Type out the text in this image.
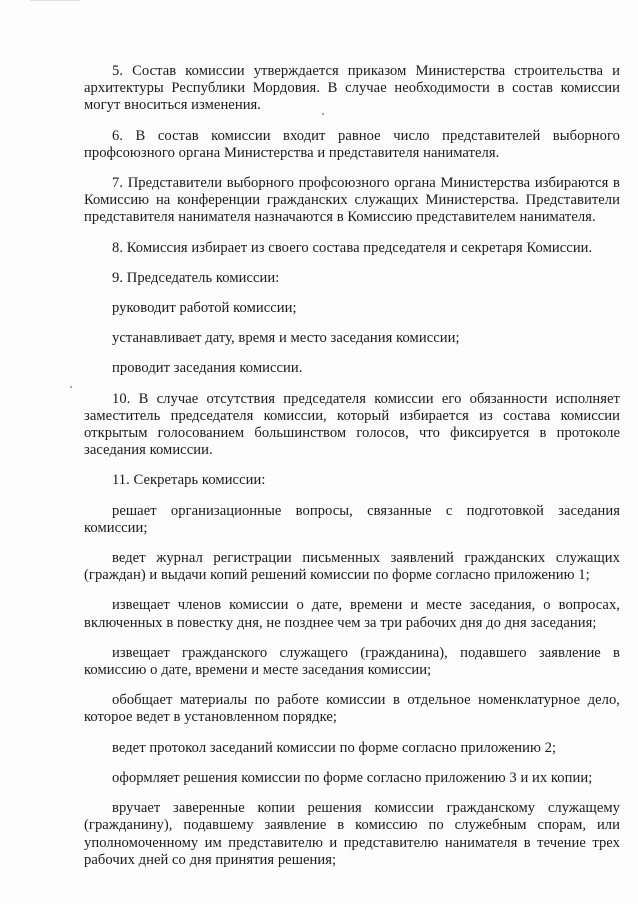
5. Состав комиссии утверждается приказом Министерства строительства и архитектуры Республики Мордовия. В случае необходимости в состав комиссии могут вноситься изменения.

6. В состав комиссии входит равное число представителей выборного профсоюзного органа Министерства и представителя нанимателя.

7. Представители выборного профсоюзного органа Министерства избираются в Комиссию на конференции гражданских служащих Министерства. Представители представителя нанимателя назначаются в Комиссию представителем нанимателя.

8. Комиссия избирает из своего состава председателя и секретаря Комиссии.

9. Председатель комиссии:

руководит работой комиссии;

устанавливает дату, время и место заседания комиссии;

проводит заседания комиссии.

10. В случае отсутствия председателя комиссии его обязанности исполняет заместитель председателя комиссии, который избирается из состава комиссии открытым голосованием большинством голосов, что фиксируется в протоколе заседания комиссии.

11. Секретарь комиссии:

решает организационные вопросы, связанные с подготовкой заседания комиссии;

ведет журнал регистрации письменных заявлений гражданских служащих (граждан) и выдачи копий решений комиссии по форме согласно приложению 1;

извещает членов комиссии о дате, времени и месте заседания, о вопросах, включенных в повестку дня, не позднее чем за три рабочих дня до дня заседания;

извещает гражданского служащего (гражданина), подавшего заявление в комиссию о дате, времени и месте заседания комиссии;

обобщает материалы по работе комиссии в отдельное номенклатурное дело, которое ведет в установленном порядке;

ведет протокол заседаний комиссии по форме согласно приложению 2;

оформляет решения комиссии по форме согласно приложению 3 и их копии;

вручает заверенные копии решения комиссии гражданскому служащему (гражданину), подавшему заявление в комиссию по служебным спорам, или уполномоченному им представителю и представителю нанимателя в течение трех рабочих дней со дня принятия решения;
